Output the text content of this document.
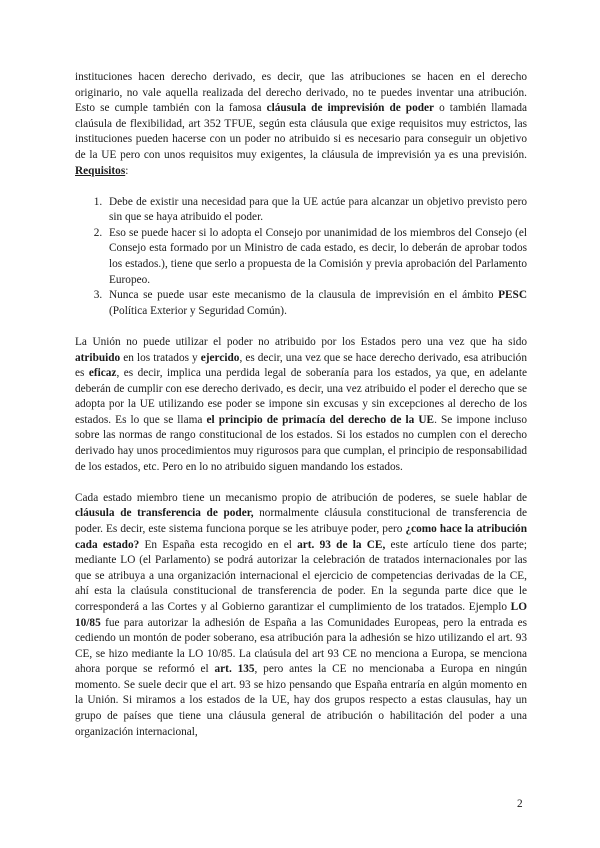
instituciones hacen derecho derivado, es decir, que las atribuciones se hacen en el derecho originario, no vale aquella realizada del derecho derivado, no te puedes inventar una atribución. Esto se cumple también con la famosa cláusula de imprevisión de poder o también llamada claúsula de flexibilidad, art 352 TFUE, según esta cláusula que exige requisitos muy estrictos, las instituciones pueden hacerse con un poder no atribuido si es necesario para conseguir un objetivo de la UE pero con unos requisitos muy exigentes, la cláusula de imprevisión ya es una previsión. Requisitos:

1. Debe de existir una necesidad para que la UE actúe para alcanzar un objetivo previsto pero sin que se haya atribuido el poder.
2. Eso se puede hacer si lo adopta el Consejo por unanimidad de los miembros del Consejo (el Consejo esta formado por un Ministro de cada estado, es decir, lo deberán de aprobar todos los estados.), tiene que serlo a propuesta de la Comisión y previa aprobación del Parlamento Europeo.
3. Nunca se puede usar este mecanismo de la clausula de imprevisión en el ámbito PESC (Política Exterior y Seguridad Común).

La Unión no puede utilizar el poder no atribuido por los Estados pero una vez que ha sido atribuido en los tratados y ejercido, es decir, una vez que se hace derecho derivado, esa atribución es eficaz, es decir, implica una perdida legal de soberanía para los estados, ya que, en adelante deberán de cumplir con ese derecho derivado, es decir, una vez atribuido el poder el derecho que se adopta por la UE utilizando ese poder se impone sin excusas y sin excepciones al derecho de los estados. Es lo que se llama el principio de primacía del derecho de la UE. Se impone incluso sobre las normas de rango constitucional de los estados. Si los estados no cumplen con el derecho derivado hay unos procedimientos muy rigurosos para que cumplan, el principio de responsabilidad de los estados, etc. Pero en lo no atribuido siguen mandando los estados.

Cada estado miembro tiene un mecanismo propio de atribución de poderes, se suele hablar de cláusula de transferencia de poder, normalmente cláusula constitucional de transferencia de poder. Es decir, este sistema funciona porque se les atribuye poder, pero ¿como hace la atribución cada estado? En España esta recogido en el art. 93 de la CE, este artículo tiene dos parte; mediante LO (el Parlamento) se podrá autorizar la celebración de tratados internacionales por las que se atribuya a una organización internacional el ejercicio de competencias derivadas de la CE, ahí esta la claúsula constitucional de transferencia de poder. En la segunda parte dice que le corresponderá a las Cortes y al Gobierno garantizar el cumplimiento de los tratados. Ejemplo LO 10/85 fue para autorizar la adhesión de España a las Comunidades Europeas, pero la entrada es cediendo un montón de poder soberano, esa atribución para la adhesión se hizo utilizando el art. 93 CE, se hizo mediante la LO 10/85. La claúsula del art 93 CE no menciona a Europa, se menciona ahora porque se reformó el art. 135, pero antes la CE no mencionaba a Europa en ningún momento. Se suele decir que el art. 93 se hizo pensando que España entraría en algún momento en la Unión. Si miramos a los estados de la UE, hay dos grupos respecto a estas clausulas, hay un grupo de países que tiene una cláusula general de atribución o habilitación del poder a una organización internacional,

2
